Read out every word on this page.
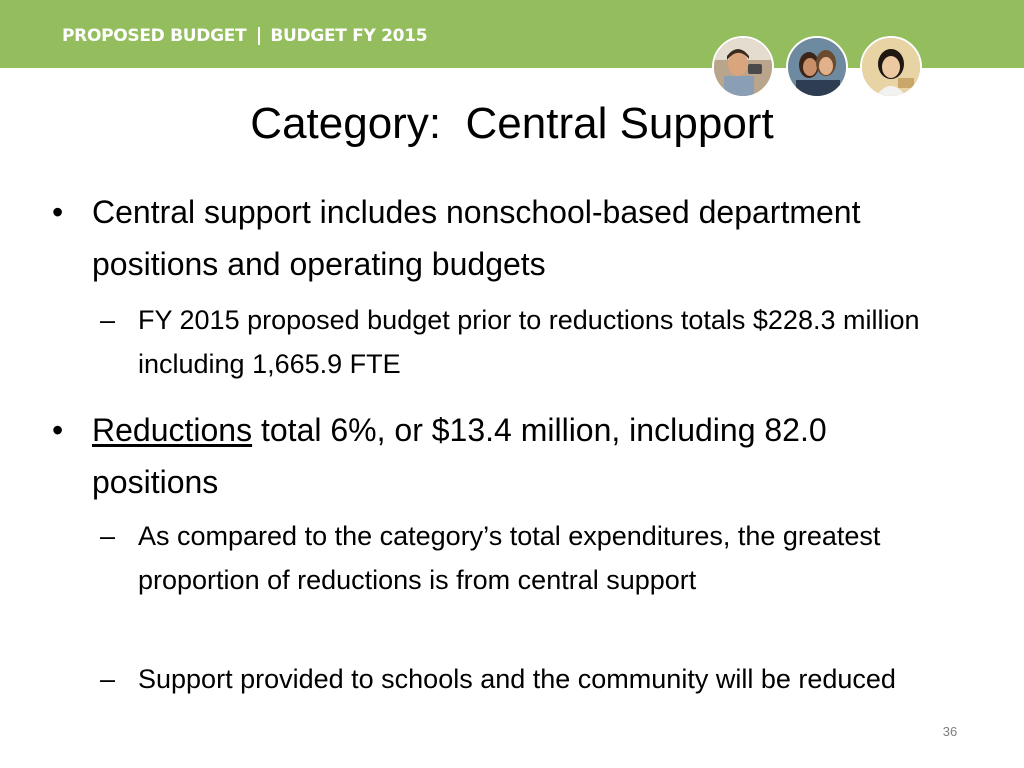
PROPOSED BUDGET BUDGET FY 2015
Category:  Central Support
• Central support includes nonschool-based department positions and operating budgets
– FY 2015 proposed budget prior to reductions totals $228.3 million including 1,665.9 FTE
• Reductions total 6%, or $13.4 million, including 82.0 positions
– As compared to the category’s total expenditures, the greatest proportion of reductions is from central support
– Support provided to schools and the community will be reduced
36
